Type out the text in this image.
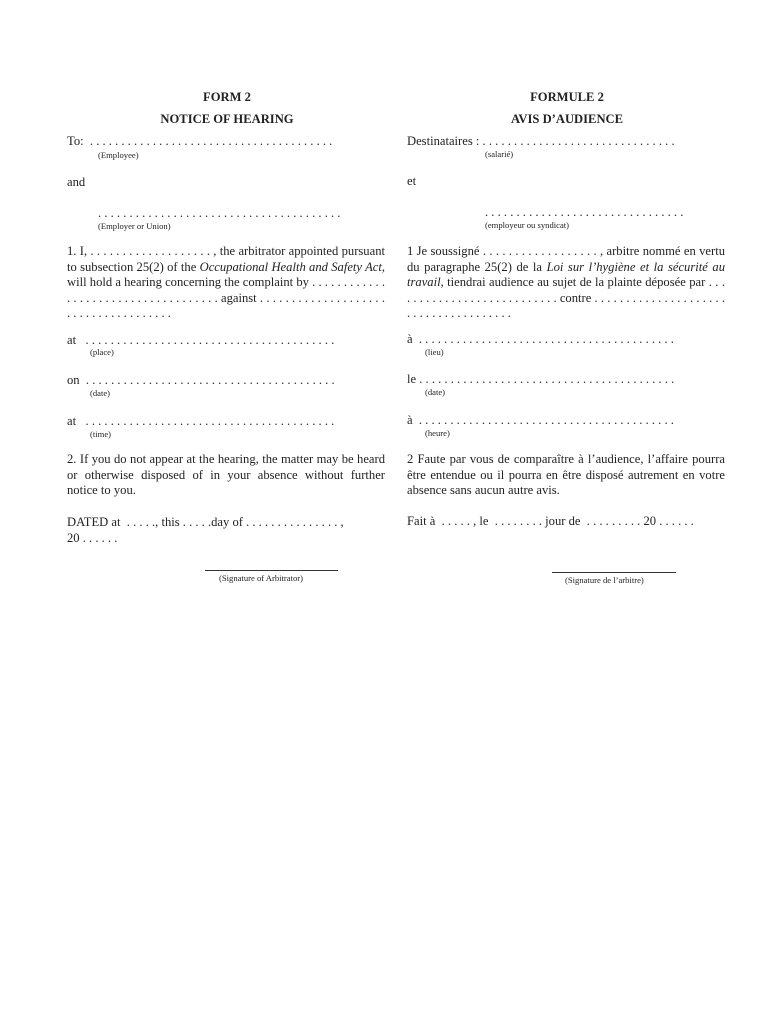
FORM 2
NOTICE OF HEARING
To:  . . . . . . . . . . . . . . . . . . . . . . . . . . . . . . . . . . . . . . .
(Employee)
and
. . . . . . . . . . . . . . . . . . . . . . . . . . . . . . . . . . . . . . .
(Employer or Union)
1. I, . . . . . . . . . . . . . . . . . . . , the arbitrator appointed pursuant to subsection 25(2) of the Occupational Health and Safety Act, will hold a hearing concerning the complaint by . . . . . . . . . . . . . . . . . . . . . . . . . . . . . . . . . . . . against . . . . . . . . . . . . . . . . . . . . . . . . . . . . . . . . . . . . .
at   . . . . . . . . . . . . . . . . . . . . . . . . . . . . . . . . . . . . . . . .
(place)
on  . . . . . . . . . . . . . . . . . . . . . . . . . . . . . . . . . . . . . . . .
(date)
at   . . . . . . . . . . . . . . . . . . . . . . . . . . . . . . . . . . . . . . . .
(time)
2. If you do not appear at the hearing, the matter may be heard or otherwise disposed of in your absence without further notice to you.
DATED at  . . . . ., this . . . . .day of . . . . . . . . . . . . . . . ,
20 . . . . . .
(Signature of Arbitrator)
FORMULE 2
AVIS D’AUDIENCE
Destinataires : . . . . . . . . . . . . . . . . . . . . . . . . . . . . . . .
(salarié)
et
. . . . . . . . . . . . . . . . . . . . . . . . . . . . . . . .
(employeur ou syndicat)
1 Je soussigné . . . . . . . . . . . . . . . . . . , arbitre nommé en vertu du paragraphe 25(2) de la Loi sur l’hygiène et la sécurité au travail, tiendrai audience au sujet de la plainte déposée par . . . . . . . . . . . . . . . . . . . . . . . . . . . contre . . . . . . . . . . . . . . . . . . . . . . . . . . . . . . . . . . . . . .
à  . . . . . . . . . . . . . . . . . . . . . . . . . . . . . . . . . . . . . . . . .
(lieu)
le . . . . . . . . . . . . . . . . . . . . . . . . . . . . . . . . . . . . . . . . .
(date)
à  . . . . . . . . . . . . . . . . . . . . . . . . . . . . . . . . . . . . . . . . .
(heure)
2 Faute par vous de comparaître à l’audience, l’affaire pourra être entendue ou il pourra en être disposé autrement en votre absence sans aucun autre avis.
Fait à  . . . . . , le  . . . . . . . . jour de  . . . . . . . . . 20 . . . . . .
(Signature de l’arbitre)
